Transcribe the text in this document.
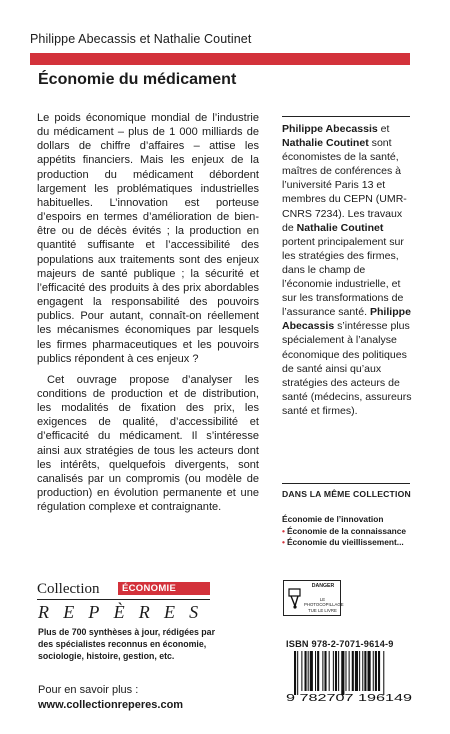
Philippe Abecassis et Nathalie Coutinet
Économie du médicament

Le poids économique mondial de l’industrie du médicament – plus de 1 000 milliards de dollars de chiffre d’affaires – attise les appétits financiers. Mais les enjeux de la production du médicament débordent largement les problématiques industrielles habituelles. L’innovation est porteuse d’espoirs en termes d’amélioration de bien-être ou de décès évités ; la production en quantité suffisante et l’accessibilité des populations aux traitements sont des enjeux majeurs de santé publique ; la sécurité et l’efficacité des produits à des prix abordables engagent la responsabilité des pouvoirs publics. Pour autant, connaît-on réellement les mécanismes économiques par lesquels les firmes pharmaceutiques et les pouvoirs publics répondent à ces enjeux ?

Cet ouvrage propose d’analyser les conditions de production et de distribution, les modalités de fixation des prix, les exigences de qualité, d’accessibilité et d’efficacité du médicament. Il s’intéresse ainsi aux stratégies de tous les acteurs dont les intérêts, quelquefois divergents, sont canalisés par un compromis (ou modèle de production) en évolution permanente et une régulation complexe et contraignante.

Philippe Abecassis et Nathalie Coutinet sont économistes de la santé, maîtres de conférences à l’université Paris 13 et membres du CEPN (UMR-CNRS 7234). Les travaux de Nathalie Coutinet portent principalement sur les stratégies des firmes, dans le champ de l’économie industrielle, et sur les transformations de l’assurance santé. Philippe Abecassis s’intéresse plus spécialement à l’analyse économique des politiques de santé ainsi qu’aux stratégies des acteurs de santé (médecins, assureurs santé et firmes).
DANS LA MÊME COLLECTION
Économie de l’innovation
• Économie de la connaissance
• Économie du vieillissement...
DANGER
LE PHOTOCOPILLAGE TUE LE LIVRE
ISBN 978-2-7071-9614-9
9 782707 196149
Collection	ÉCONOMIE
REPÈRES
Plus de 700 synthèses à jour, rédigées par des spécialistes reconnus en économie, sociologie, histoire, gestion, etc.
Pour en savoir plus :
www.collectionreperes.com
